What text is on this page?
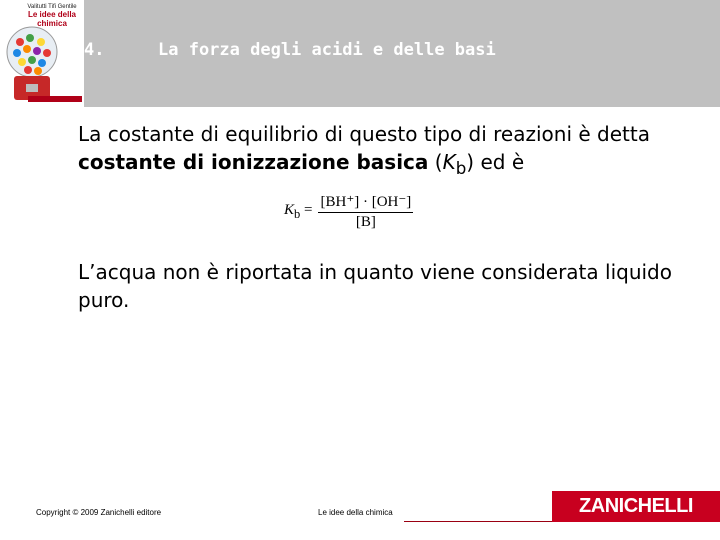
Valitutti Tifi Gentile
Le idee della chimica
4.	La forza degli acidi e delle basi
La costante di equilibrio di questo tipo di reazioni è detta costante di ionizzazione basica $(K_b)$ ed è
$K_b = \frac{[BH^+] \cdot [OH^-]}{[B]}$
L’acqua non è riportata in quanto viene considerata liquido puro.
Copyright © 2009 Zanichelli editore	Le idee della chimica	ZANICHELLI
